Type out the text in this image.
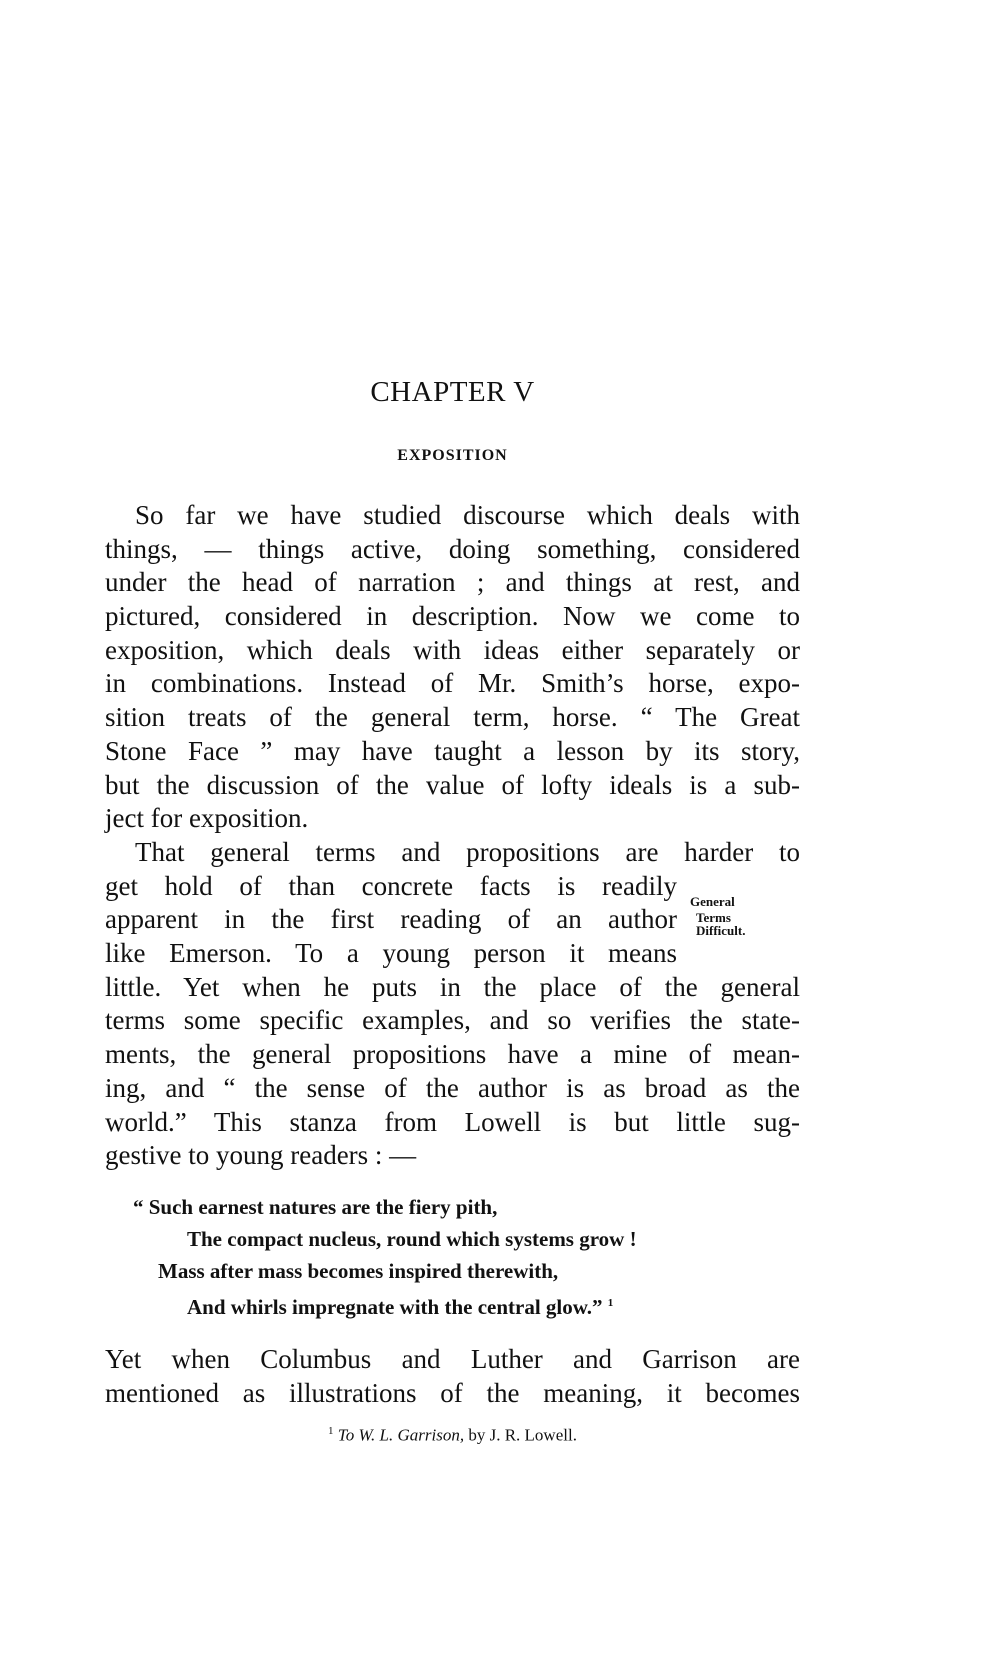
CHAPTER V
EXPOSITION
So far we have studied discourse which deals with
things, — things active, doing something, considered
under the head of narration ; and things at rest, and
pictured, considered in description. Now we come to
exposition, which deals with ideas either separately or
in combinations. Instead of Mr. Smith’s horse, expo-
sition treats of the general term, horse. “ The Great
Stone Face ” may have taught a lesson by its story,
but the discussion of the value of lofty ideals is a sub-
ject for exposition.
That general terms and propositions are harder to
get hold of than concrete facts is readily
apparent in the first reading of an author
like Emerson. To a young person it means
little. Yet when he puts in the place of the general
terms some specific examples, and so verifies the state-
ments, the general propositions have a mine of mean-
ing, and “ the sense of the author is as broad as the
world.” This stanza from Lowell is but little sug-
gestive to young readers : —
General
Terms
Difficult.
“ Such earnest natures are the fiery pith,
The compact nucleus, round which systems grow !
Mass after mass becomes inspired therewith,
And whirls impregnate with the central glow.” $^1$
Yet when Columbus and Luther and Garrison are
mentioned as illustrations of the meaning, it becomes
$^1$ To W. L. Garrison, by J. R. Lowell.
